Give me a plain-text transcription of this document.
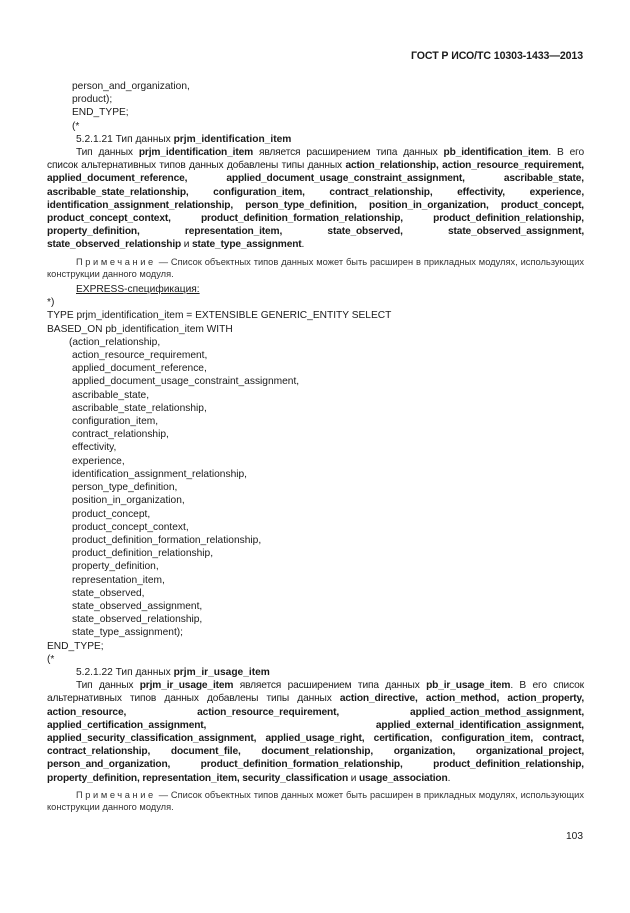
ГОСТ Р ИСО/ТС 10303-1433—2013
person_and_organization,
product);
END_TYPE;
(*
5.2.1.21 Тип данных prjm_identification_item

Тип данных prjm_identification_item является расширением типа данных pb_identification_item. В его список альтернативных типов данных добавлены типы данных action_relationship, action_resource_requirement, applied_document_reference, applied_document_usage_constraint_assignment, ascribable_state, ascribable_state_relationship, configuration_item, contract_relationship, effectivity, experience, identification_assignment_relationship, person_type_definition, position_in_organization, product_concept, product_concept_context, product_definition_formation_relationship, product_definition_relationship, property_definition, representation_item, state_observed, state_observed_assignment, state_observed_relationship и state_type_assignment.

Примечание — Список объектных типов данных может быть расширен в прикладных модулях, использующих конструкции данного модуля.

EXPRESS-спецификация:
*)
TYPE prjm_identification_item = EXTENSIBLE GENERIC_ENTITY SELECT
BASED_ON pb_identification_item WITH
(action_relationship,
action_resource_requirement,
applied_document_reference,
applied_document_usage_constraint_assignment,
ascribable_state,
ascribable_state_relationship,
configuration_item,
contract_relationship,
effectivity,
experience,
identification_assignment_relationship,
person_type_definition,
position_in_organization,
product_concept,
product_concept_context,
product_definition_formation_relationship,
product_definition_relationship,
property_definition,
representation_item,
state_observed,
state_observed_assignment,
state_observed_relationship,
state_type_assignment);
END_TYPE;
(*
5.2.1.22 Тип данных prjm_ir_usage_item

Тип данных prjm_ir_usage_item является расширением типа данных pb_ir_usage_item. В его список альтернативных типов данных добавлены типы данных action_directive, action_method, action_property, action_resource, action_resource_requirement, applied_action_method_assignment, applied_certification_assignment, applied_external_identification_assignment, applied_security_classification_assignment, applied_usage_right, certification, configuration_item, contract, contract_relationship, document_file, document_relationship, organization, organizational_project, person_and_organization, product_definition_formation_relationship, product_definition_relationship, property_definition, representation_item, security_classification и usage_association.

Примечание — Список объектных типов данных может быть расширен в прикладных модулях, использующих конструкции данного модуля.

103
